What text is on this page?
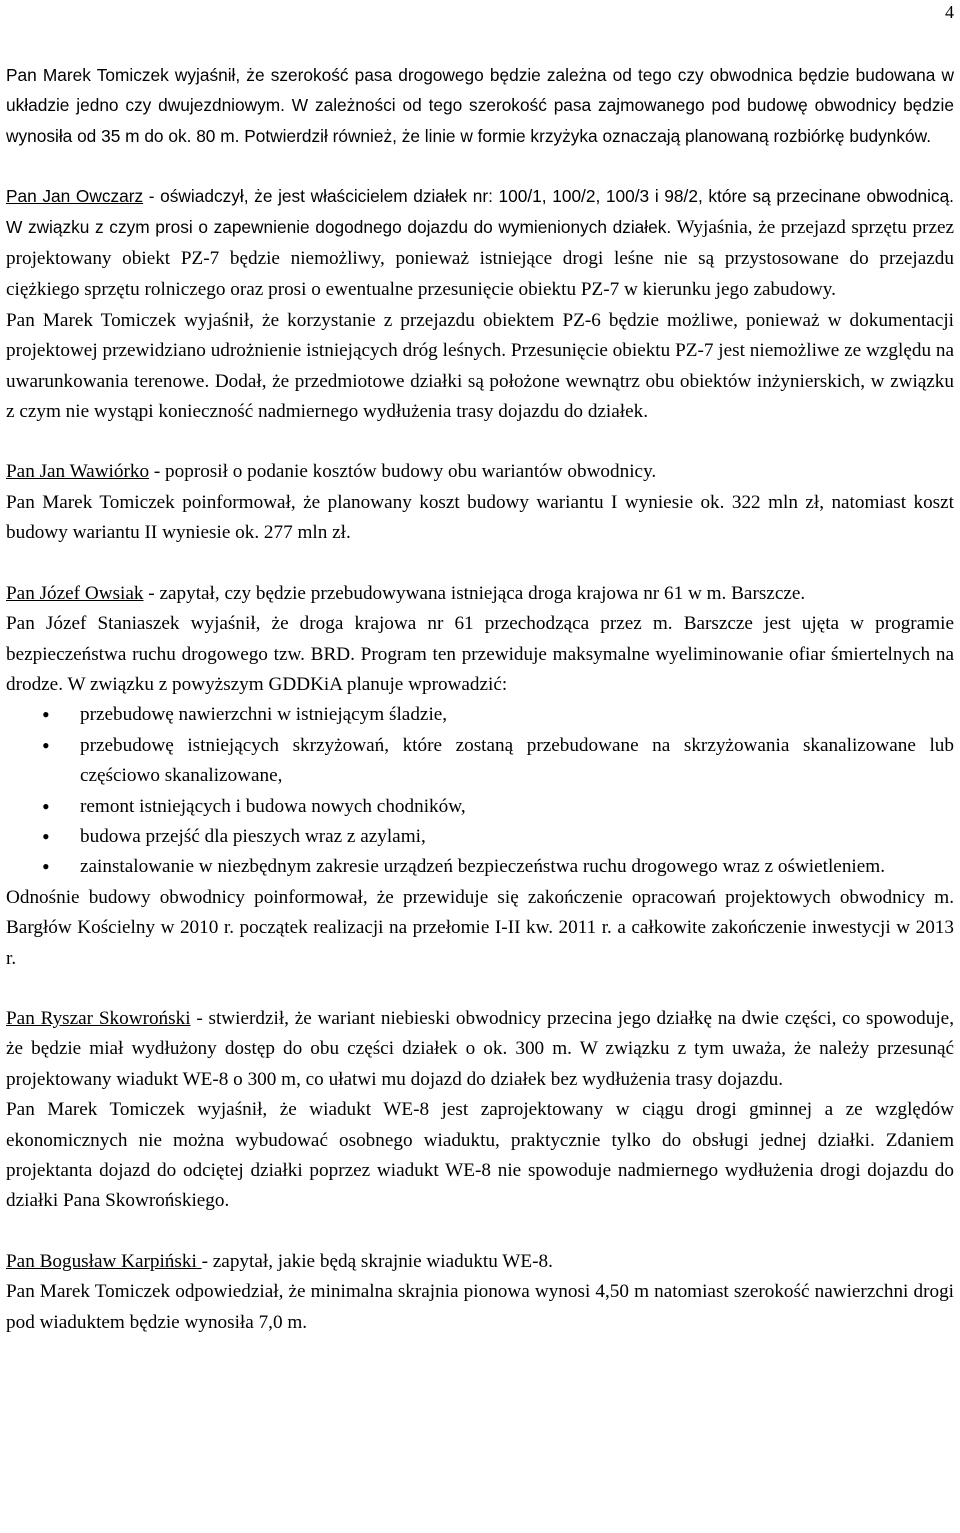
4

Pan Marek Tomiczek wyjaśnił, że szerokość pasa drogowego będzie zależna od tego czy obwodnica będzie budowana w układzie jedno czy dwujezdniowym. W zależności od tego szerokość pasa zajmowanego pod budowę obwodnicy będzie wynosiła od 35 m do ok. 80 m. Potwierdził również, że linie w formie krzyżyka oznaczają planowaną rozbiórkę budynków.

Pan Jan Owczarz - oświadczył, że jest właścicielem działek nr: 100/1, 100/2, 100/3 i 98/2, które są przecinane obwodnicą. W związku z czym prosi o zapewnienie dogodnego dojazdu do wymienionych działek. Wyjaśnia, że przejazd sprzętu przez projektowany obiekt PZ-7 będzie niemożliwy, ponieważ istniejące drogi leśne nie są przystosowane do przejazdu ciężkiego sprzętu rolniczego oraz prosi o ewentualne przesunięcie obiektu PZ-7 w kierunku jego zabudowy.

Pan Marek Tomiczek wyjaśnił, że korzystanie z przejazdu obiektem PZ-6 będzie możliwe, ponieważ w dokumentacji projektowej przewidziano udrożnienie istniejących dróg leśnych. Przesunięcie obiektu PZ-7 jest niemożliwe ze względu na uwarunkowania terenowe. Dodał, że przedmiotowe działki są położone wewnątrz obu obiektów inżynierskich, w związku z czym nie wystąpi konieczność nadmiernego wydłużenia trasy dojazdu do działek.

Pan Jan Wawiórko - poprosił o podanie kosztów budowy obu wariantów obwodnicy.

Pan Marek Tomiczek poinformował, że planowany koszt budowy wariantu I wyniesie ok. 322 mln zł, natomiast koszt budowy wariantu II wyniesie ok. 277 mln zł.

Pan Józef Owsiak - zapytał, czy będzie przebudowywana istniejąca droga krajowa nr 61 w m. Barszcze.

Pan Józef Staniaszek wyjaśnił, że droga krajowa nr 61 przechodząca przez m. Barszcze jest ujęta w programie bezpieczeństwa ruchu drogowego tzw. BRD. Program ten przewiduje maksymalne wyeliminowanie ofiar śmiertelnych na drodze. W związku z powyższym GDDKiA planuje wprowadzić:

• przebudowę nawierzchni w istniejącym śladzie,
• przebudowę istniejących skrzyżowań, które zostaną przebudowane na skrzyżowania skanalizowane lub częściowo skanalizowane,
• remont istniejących i budowa nowych chodników,
• budowa przejść dla pieszych wraz z azylami,
• zainstalowanie w niezbędnym zakresie urządzeń bezpieczeństwa ruchu drogowego wraz z oświetleniem.

Odnośnie budowy obwodnicy poinformował, że przewiduje się zakończenie opracowań projektowych obwodnicy m. Bargłów Kościelny w 2010 r. początek realizacji na przełomie I-II kw. 2011 r. a całkowite zakończenie inwestycji w 2013 r.

Pan Ryszar Skowroński - stwierdził, że wariant niebieski obwodnicy przecina jego działkę na dwie części, co spowoduje, że będzie miał wydłużony dostęp do obu części działek o ok. 300 m. W związku z tym uważa, że należy przesunąć projektowany wiadukt WE-8 o 300 m, co ułatwi mu dojazd do działek bez wydłużenia trasy dojazdu.

Pan Marek Tomiczek wyjaśnił, że wiadukt WE-8 jest zaprojektowany w ciągu drogi gminnej a ze względów ekonomicznych nie można wybudować osobnego wiaduktu, praktycznie tylko do obsługi jednej działki. Zdaniem projektanta dojazd do odciętej działki poprzez wiadukt WE-8 nie spowoduje nadmiernego wydłużenia drogi dojazdu do działki Pana Skowrońskiego.

Pan Bogusław Karpiński - zapytał, jakie będą skrajnie wiaduktu WE-8.

Pan Marek Tomiczek odpowiedział, że minimalna skrajnia pionowa wynosi 4,50 m natomiast szerokość nawierzchni drogi pod wiaduktem będzie wynosiła 7,0 m.
